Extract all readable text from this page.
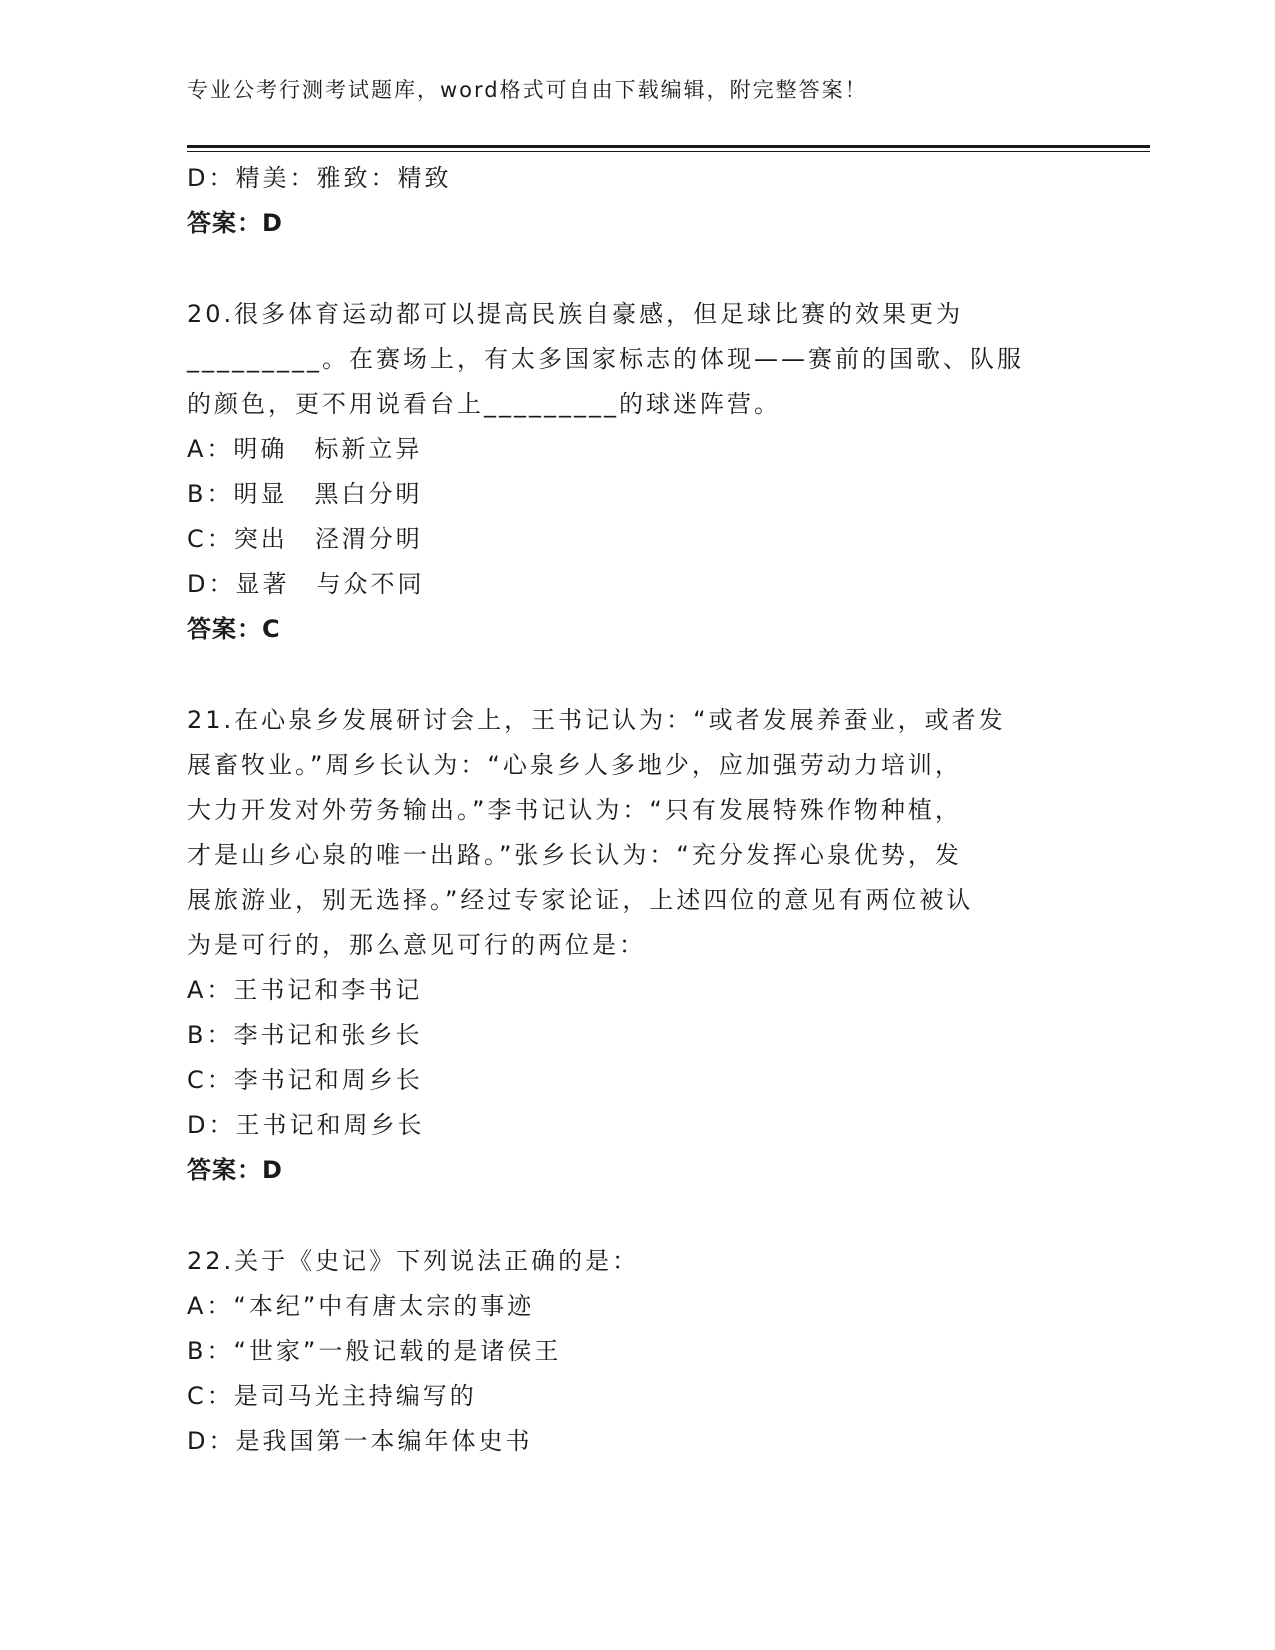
专业公考行测考试题库，word格式可自由下载编辑，附完整答案！
D：精美：雅致：精致
答案：D
20.很多体育运动都可以提高民族自豪感，但足球比赛的效果更为
_________。在赛场上，有太多国家标志的体现——赛前的国歌、队服
的颜色，更不用说看台上_________的球迷阵营。
A：明确　标新立异
B：明显　黑白分明
C：突出　泾渭分明
D：显著　与众不同
答案：C
21.在心泉乡发展研讨会上，王书记认为：“或者发展养蚕业，或者发
展畜牧业。”周乡长认为：“心泉乡人多地少，应加强劳动力培训，
大力开发对外劳务输出。”李书记认为：“只有发展特殊作物种植，
才是山乡心泉的唯一出路。”张乡长认为：“充分发挥心泉优势，发
展旅游业，别无选择。”经过专家论证，上述四位的意见有两位被认
为是可行的，那么意见可行的两位是：
A：王书记和李书记
B：李书记和张乡长
C：李书记和周乡长
D：王书记和周乡长
答案：D
22.关于《史记》下列说法正确的是：
A：“本纪”中有唐太宗的事迹
B：“世家”一般记载的是诸侯王
C：是司马光主持编写的
D：是我国第一本编年体史书
